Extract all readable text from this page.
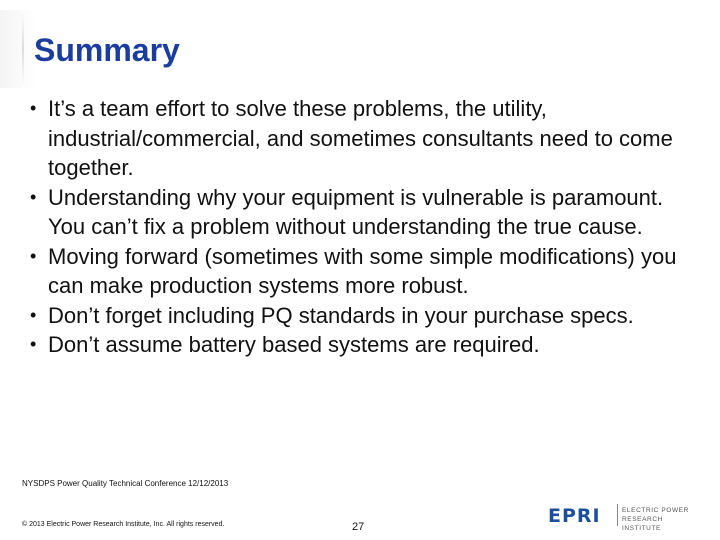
Summary
• It’s a team effort to solve these problems, the utility, industrial/commercial, and sometimes consultants need to come together.
• Understanding why your equipment is vulnerable is paramount. You can’t fix a problem without understanding the true cause.
• Moving forward (sometimes with some simple modifications) you can make production systems more robust.
• Don’t forget including PQ standards in your purchase specs.
• Don’t assume battery based systems are required.
NYSDPS Power Quality Technical Conference 12/12/2013
© 2013 Electric Power Research Institute, Inc. All rights reserved.	27	EPRI	ELECTRIC POWER
RESEARCH INSTITUTE
